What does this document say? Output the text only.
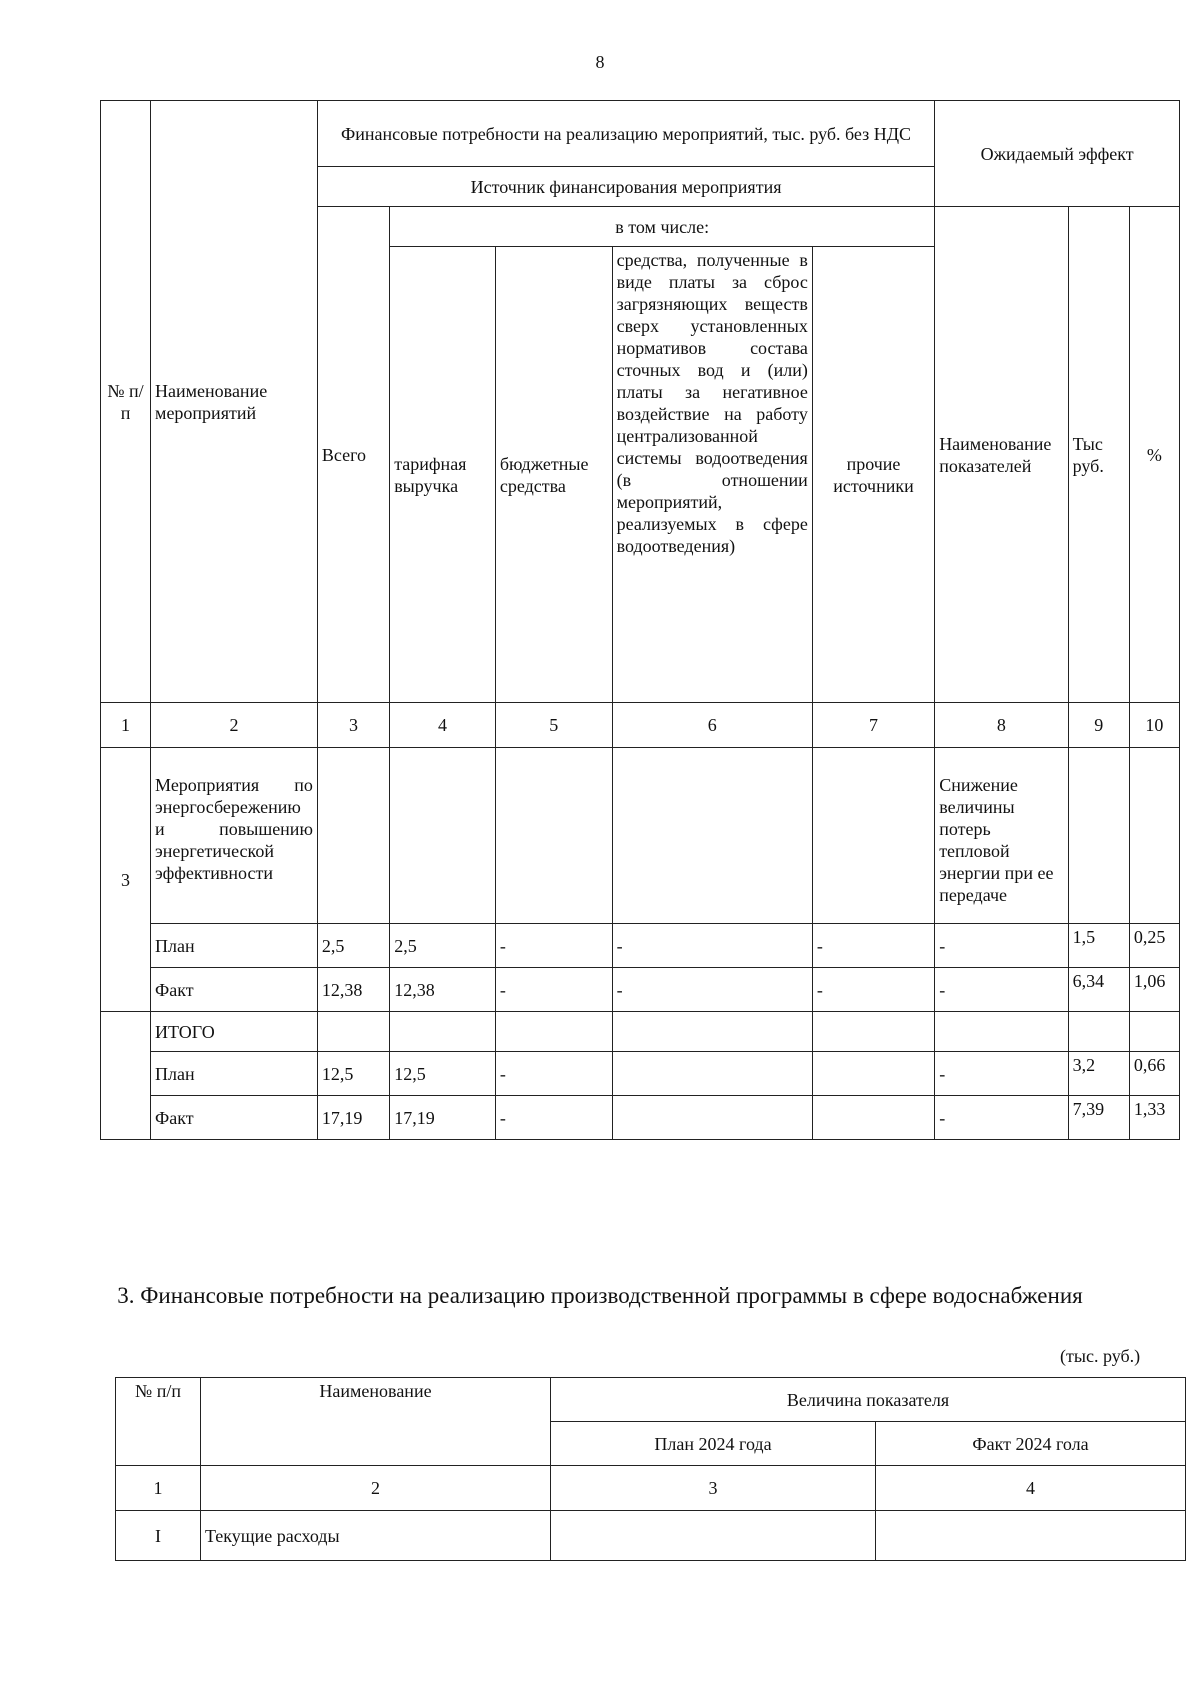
8
№ п/п	Наименование мероприятий	Финансовые потребности на реализацию мероприятий, тыс. руб. без НДС					Ожидаемый эффект		
		Источник финансирования мероприятия							
		Всего	в том числе:				Наименование показателей	Тыс руб.	%
			тарифная выручка	бюджетные средства	средства, полученные в виде платы за сброс загрязняющих веществ сверх установленных нормативов состава сточных вод и (или) платы за негативное воздействие на работу централизованной системы водоотведения (в отношении мероприятий, реализуемых в сфере водоотведения)	прочие источники			
1	2	3	4	5	6	7	8	9	10
3	Мероприятия по энергосбережению и повышению энергетической эффективности						Снижение величины потерь тепловой энергии при ее передаче		
	План	2,5	2,5	-	-	-	-	1,5	0,25
	Факт	12,38	12,38	-	-	-	-	6,34	1,06
	ИТОГО								
	План	12,5	12,5	-			-	3,2	0,66
	Факт	17,19	17,19	-			-	7,39	1,33
3. Финансовые потребности на реализацию производственной программы в сфере водоснабжения
(тыс. руб.)
№ п/п	Наименование	Величина показателя	
		План 2024 года	Факт 2024 гола
1	2	3	4
I	Текущие расходы		
